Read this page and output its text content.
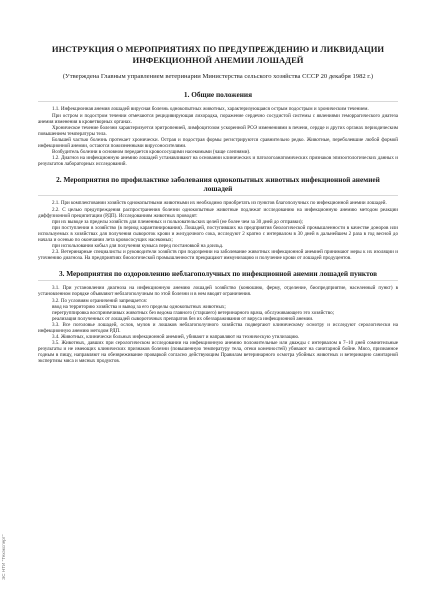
ЭС НТИ "Техэксперт"
ИНСТРУКЦИЯ О МЕРОПРИЯТИЯХ ПО ПРЕДУПРЕЖДЕНИЮ И ЛИКВИДАЦИИ ИНФЕКЦИОННОЙ АНЕМИИ ЛОШАДЕЙ
(Утверждена Главным управлением ветеринарии Министерства сельского хозяйства СССР 20 декабря 1982 г.)
1. Общие положения

1.1. Инфекционная анемия лошадей вирусная болезнь однокопытных животных, характеризующаяся острым подострым и хроническим течением.

При остром и подостром течении отмечаются рецидивирующая лихорадка, поражение сердечно сосудистой системы с явлениями геморрагического диатеза анемия изменения в кроветворных органах.

Хроническое течение болезни характеризуется эритропенией, лимфоцитозом ускоренной РОЭ изменениями в печени, сердце и других органах периодическим повышением температуры тела.

Большей частью болезнь протекает хронически. Острая и подострая формы регистрируются сравнительно редко. Животные, переболевшие любой формой инфекционной анемии, остаются пожизненными вирусоносителями.

Возбудитель болезни в основном передается кровососущими насекомыми (чаще слепнями).

1.2. Диагноз на инфекционную анемию лошадей устанавливают на основании клинических и патологоанатомических признаков эпизоотологических данных и результатов лабораторных исследований.

2. Мероприятия по профилактике заболевания однокопытных животных инфекционной анемией лошадей

2.1. При комплектовании хозяйств однокопытными животными их необходимо приобретать из пунктов благополучных по инфекционной анемии лошадей.

2.2. С целью предупреждения распространения болезни однокопытные животные подлежат исследованию на инфекционную анемию методом реакции диффузионной преципитации (РДП). Исследованиям животных проводят:

при их выводе за пределы хозяйств для племенных и пользовательских целей (не более чем за 30 дней до отправки);

при поступлении в хозяйство (в период карантинирования). Лошадей, поступивших на предприятия биологической промышленности в качестве доноров или используемых в хозяйствах для получения сывороток крови и желудочного сока, исследуют 2 кратно с интервалом в 30 дней в дальнейшем 2 раза в год весной до начала и осенью по окончании лета кровососущих насекомых;

при использовании кобыл для получения кумыса перед постановкой на доильд.

2.3. Ветеринарные специалисты и руководители хозяйств при подозрении на заболевание животных инфекционной анемией принимают меры к их изоляции и уточнению диагноза. На предприятиях биологической промышленности прекращают иммунизацию и получение крови от лошадей продуцентов.

3. Мероприятия по оздоровлению неблагополучных по инфекционной анемии лошадей пунктов

3.1. При установлении диагноза на инфекционную анемию лошадей хозяйство (конюшню, ферму, отделение, биопредприятие, населенный пункт) в установленном порядке объявляют неблагополучным по этой болезни и в нем вводят ограничения.

3.2. По условиям ограничений запрещается:

ввод на территорию хозяйства и вывод за его пределы однокопытных животных;

перегруппировка восприимчивых животных без ведома главного (старшего) ветеринарного врача, обслуживающего это хозяйство;

реализация полученных от лошадей сывороточных препаратов без их обеззараживания от вируса инфекционной анемии.

3.3. Все поголовье лошадей, ослов, мулов и лошаков неблагополучного хозяйства подвергают клиническому осмотру и исследуют серологически на инфекционную анемию методом РДП.

3.4. Животных, клинически больных инфекционной анемией, убивают и направляют на техническую утилизацию.

3.5. Животных, давших при серологическом исследовании на инфекционную анемию положительные или дважды с интервалом в 7–10 дней сомнительные результаты и не имеющих клинических признаков болезни (повышенную температуру тела, отеки конечностей) убивают на санитарной бойне. Мясо, признанное годным в пищу, направляют на обезвреживание проваркой согласно действующим Правилам ветеринарного осмотра убойных животных и ветеринарно санитарной экспертизы мяса и мясных продуктов.
